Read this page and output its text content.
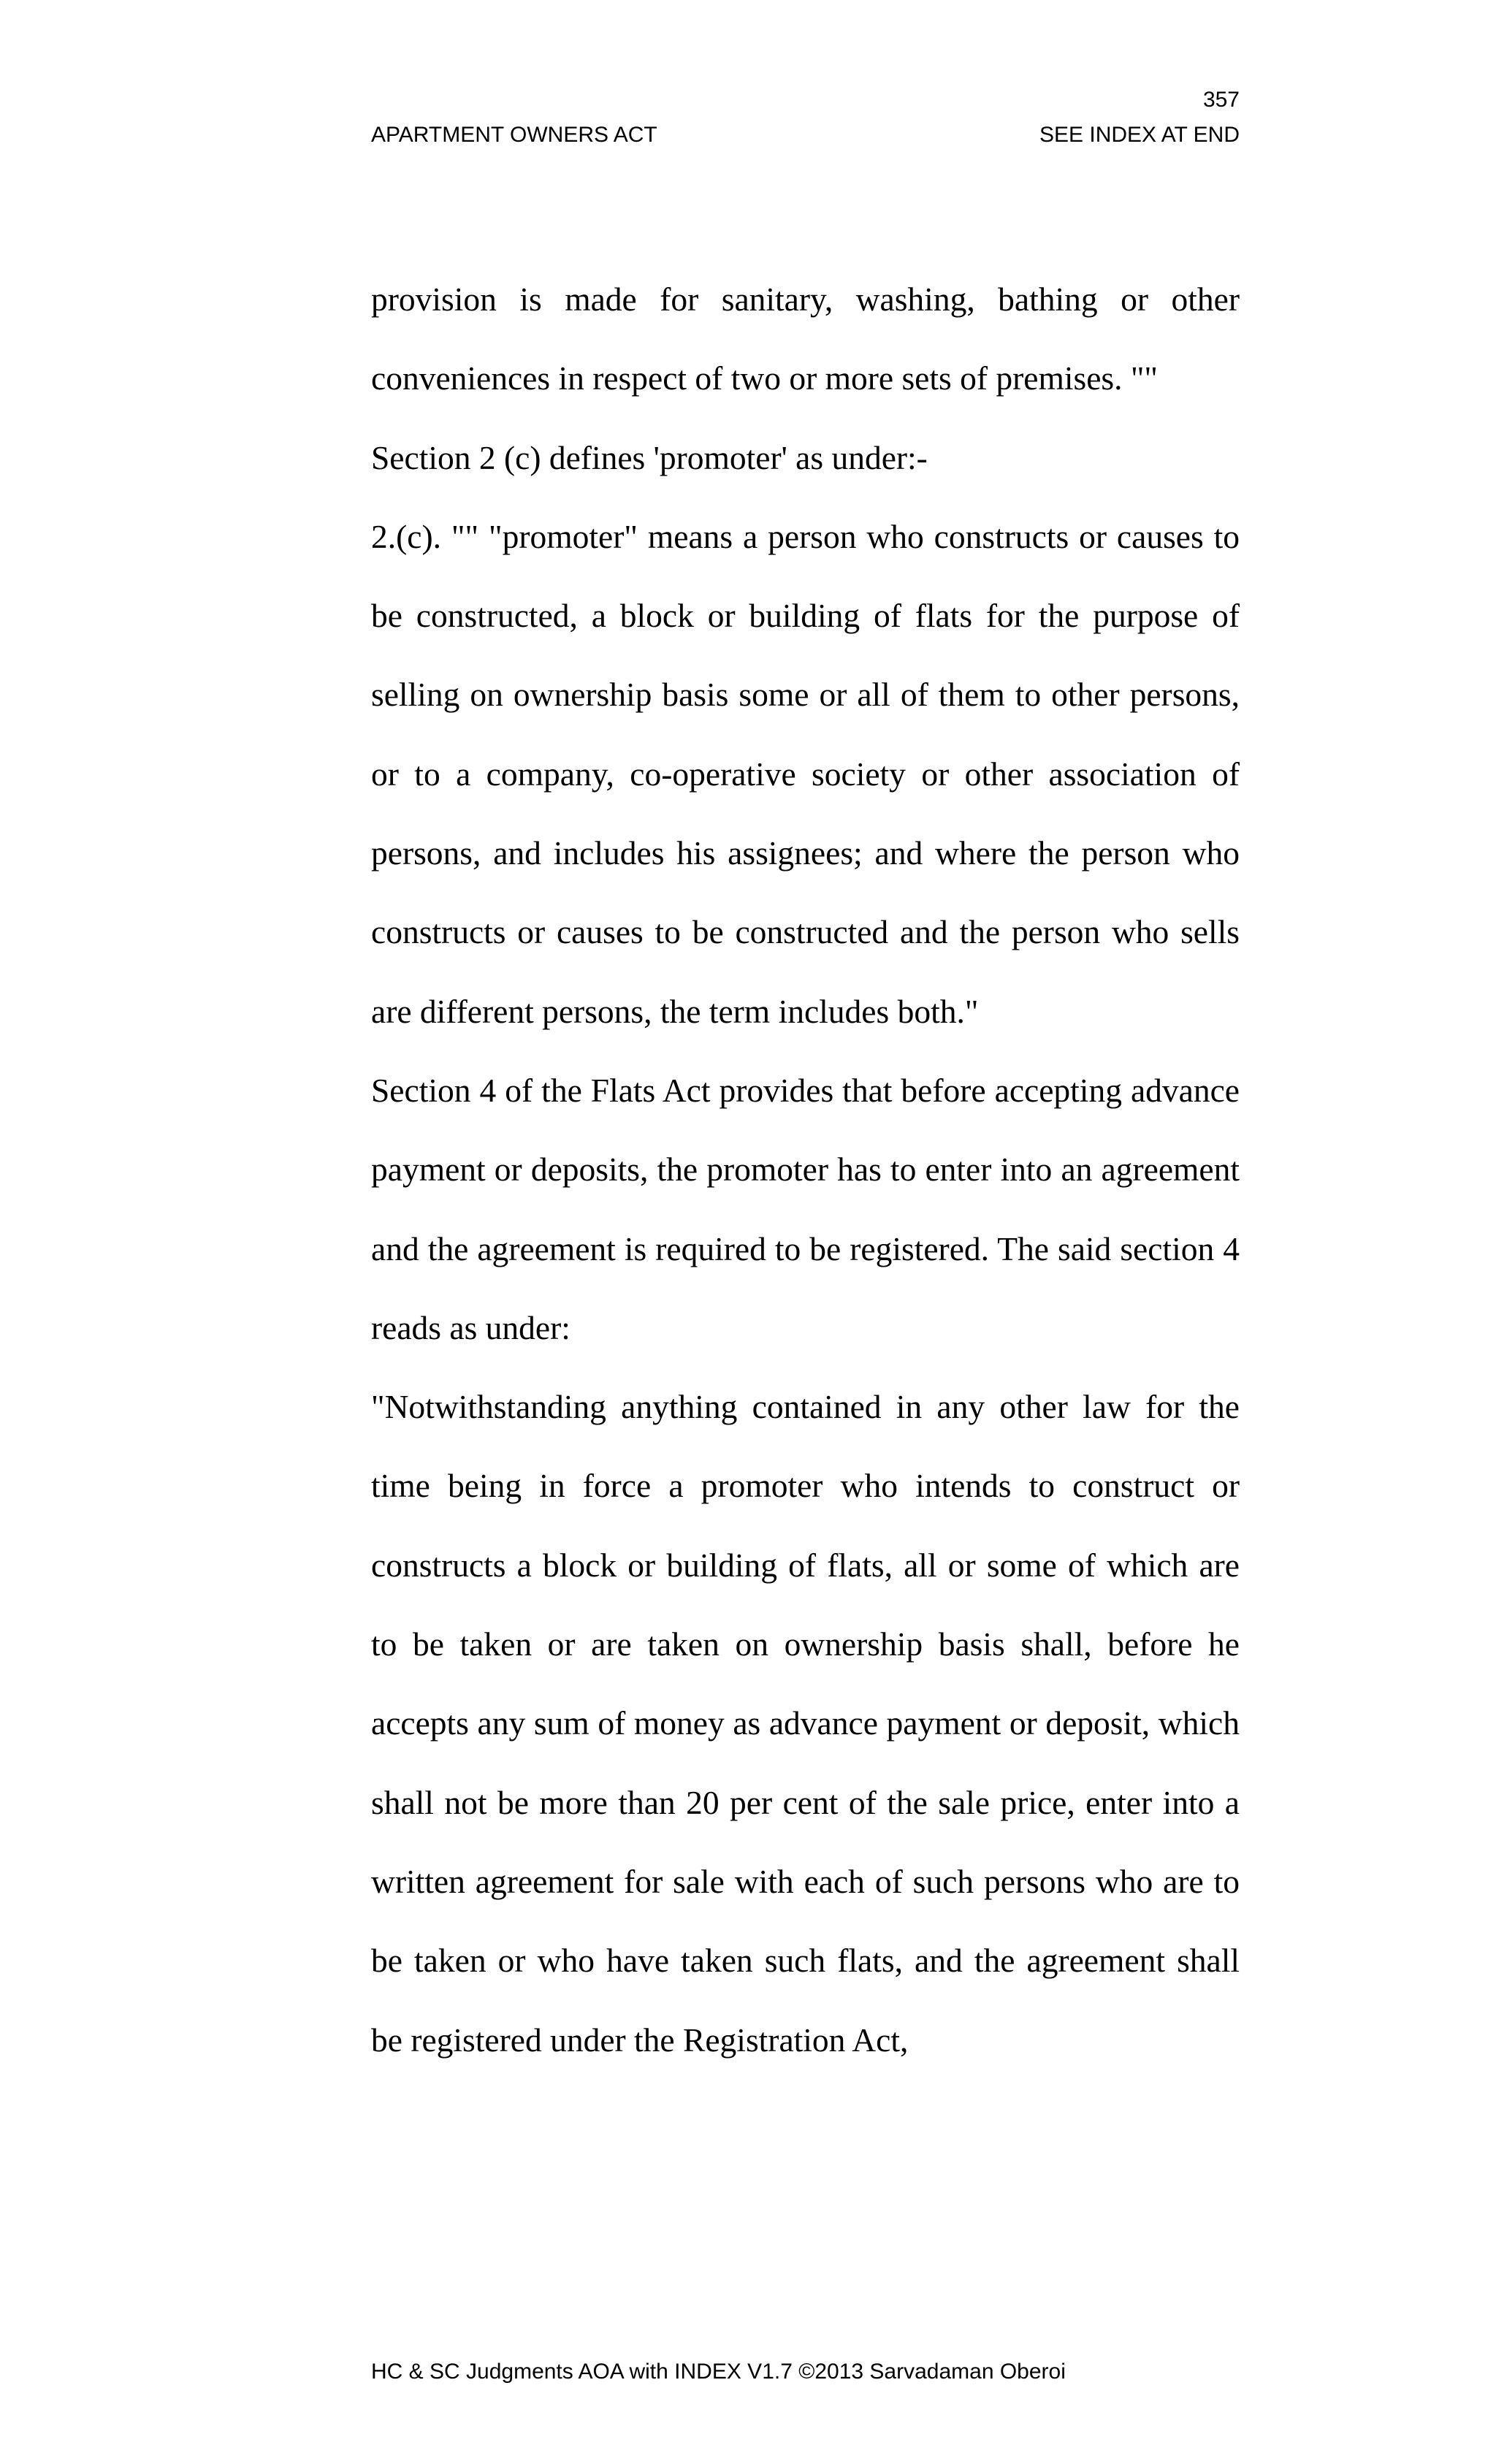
357
APARTMENT OWNERS ACT	SEE INDEX AT END

provision is made for sanitary, washing, bathing or other conveniences in respect of two or more sets of premises. ""

Section 2 (c) defines 'promoter' as under:-

2.(c). "" "promoter" means a person who constructs or causes to be constructed, a block or building of flats for the purpose of selling on ownership basis some or all of them to other persons, or to a company, co-operative society or other association of persons, and includes his assignees; and where the person who constructs or causes to be constructed and the person who sells are different persons, the term includes both."

Section 4 of the Flats Act provides that before accepting advance payment or deposits, the promoter has to enter into an agreement and the agreement is required to be registered. The said section 4 reads as under:

"Notwithstanding anything contained in any other law for the time being in force a promoter who intends to construct or constructs a block or building of flats, all or some of which are to be taken or are taken on ownership basis shall, before he accepts any sum of money as advance payment or deposit, which shall not be more than 20 per cent of the sale price, enter into a written agreement for sale with each of such persons who are to be taken or who have taken such flats, and the agreement shall be registered under the Registration Act,

HC & SC Judgments AOA with INDEX V1.7 ©2013 Sarvadaman Oberoi
